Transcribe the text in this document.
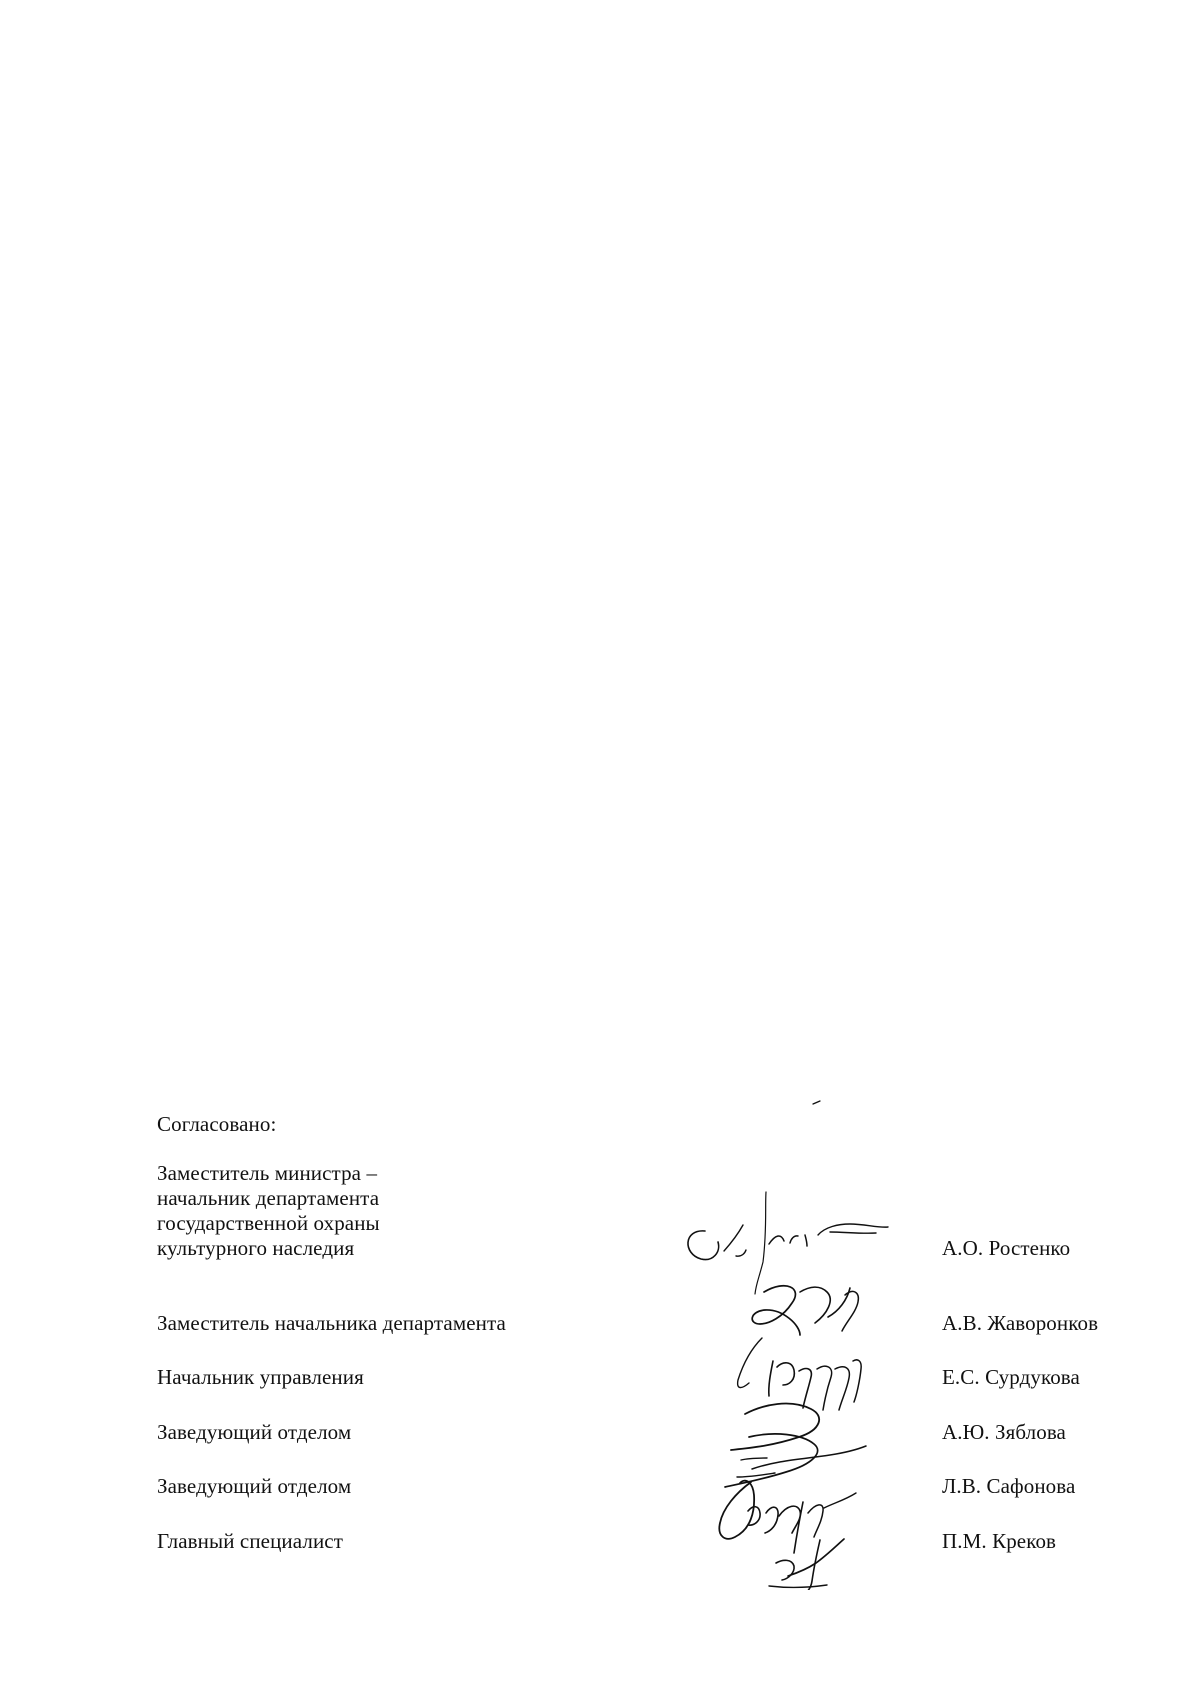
Согласовано:
Заместитель министра –
начальник департамента
государственной охраны
культурного наследия	А.О. Ростенко
Заместитель начальника департамента	А.В. Жаворонков
Начальник управления	Е.С. Сурдукова
Заведующий отделом	А.Ю. Зяблова
Заведующий отделом	Л.В. Сафонова
Главный специалист	П.М. Креков
